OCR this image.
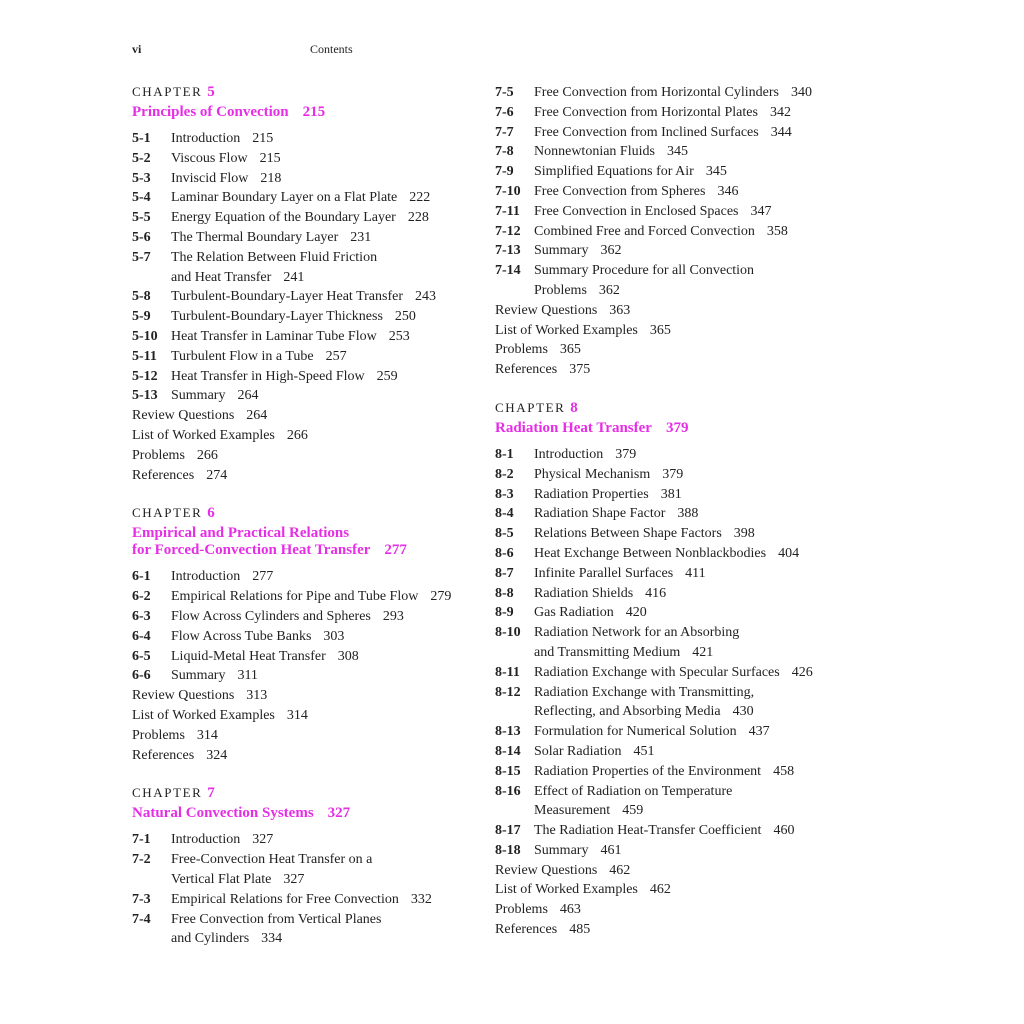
vi	Contents
CHAPTER 5
Principles of Convection 215
5-1 Introduction 215
5-2 Viscous Flow 215
5-3 Inviscid Flow 218
5-4 Laminar Boundary Layer on a Flat Plate 222
5-5 Energy Equation of the Boundary Layer 228
5-6 The Thermal Boundary Layer 231
5-7 The Relation Between Fluid Friction
and Heat Transfer 241
5-8 Turbulent-Boundary-Layer Heat Transfer 243
5-9 Turbulent-Boundary-Layer Thickness 250
5-10 Heat Transfer in Laminar Tube Flow 253
5-11 Turbulent Flow in a Tube 257
5-12 Heat Transfer in High-Speed Flow 259
5-13 Summary 264
Review Questions 264
List of Worked Examples 266
Problems 266
References 274
CHAPTER 6
Empirical and Practical Relations
for Forced-Convection Heat Transfer 277
6-1 Introduction 277
6-2 Empirical Relations for Pipe and Tube Flow 279
6-3 Flow Across Cylinders and Spheres 293
6-4 Flow Across Tube Banks 303
6-5 Liquid-Metal Heat Transfer 308
6-6 Summary 311
Review Questions 313
List of Worked Examples 314
Problems 314
References 324
CHAPTER 7
Natural Convection Systems 327
7-1 Introduction 327
7-2 Free-Convection Heat Transfer on a
Vertical Flat Plate 327
7-3 Empirical Relations for Free Convection 332
7-4 Free Convection from Vertical Planes
and Cylinders 334
7-5 Free Convection from Horizontal Cylinders 340
7-6 Free Convection from Horizontal Plates 342
7-7 Free Convection from Inclined Surfaces 344
7-8 Nonnewtonian Fluids 345
7-9 Simplified Equations for Air 345
7-10 Free Convection from Spheres 346
7-11 Free Convection in Enclosed Spaces 347
7-12 Combined Free and Forced Convection 358
7-13 Summary 362
7-14 Summary Procedure for all Convection
Problems 362
Review Questions 363
List of Worked Examples 365
Problems 365
References 375
CHAPTER 8
Radiation Heat Transfer 379
8-1 Introduction 379
8-2 Physical Mechanism 379
8-3 Radiation Properties 381
8-4 Radiation Shape Factor 388
8-5 Relations Between Shape Factors 398
8-6 Heat Exchange Between Nonblackbodies 404
8-7 Infinite Parallel Surfaces 411
8-8 Radiation Shields 416
8-9 Gas Radiation 420
8-10 Radiation Network for an Absorbing
and Transmitting Medium 421
8-11 Radiation Exchange with Specular Surfaces 426
8-12 Radiation Exchange with Transmitting,
Reflecting, and Absorbing Media 430
8-13 Formulation for Numerical Solution 437
8-14 Solar Radiation 451
8-15 Radiation Properties of the Environment 458
8-16 Effect of Radiation on Temperature
Measurement 459
8-17 The Radiation Heat-Transfer Coefficient 460
8-18 Summary 461
Review Questions 462
List of Worked Examples 462
Problems 463
References 485
